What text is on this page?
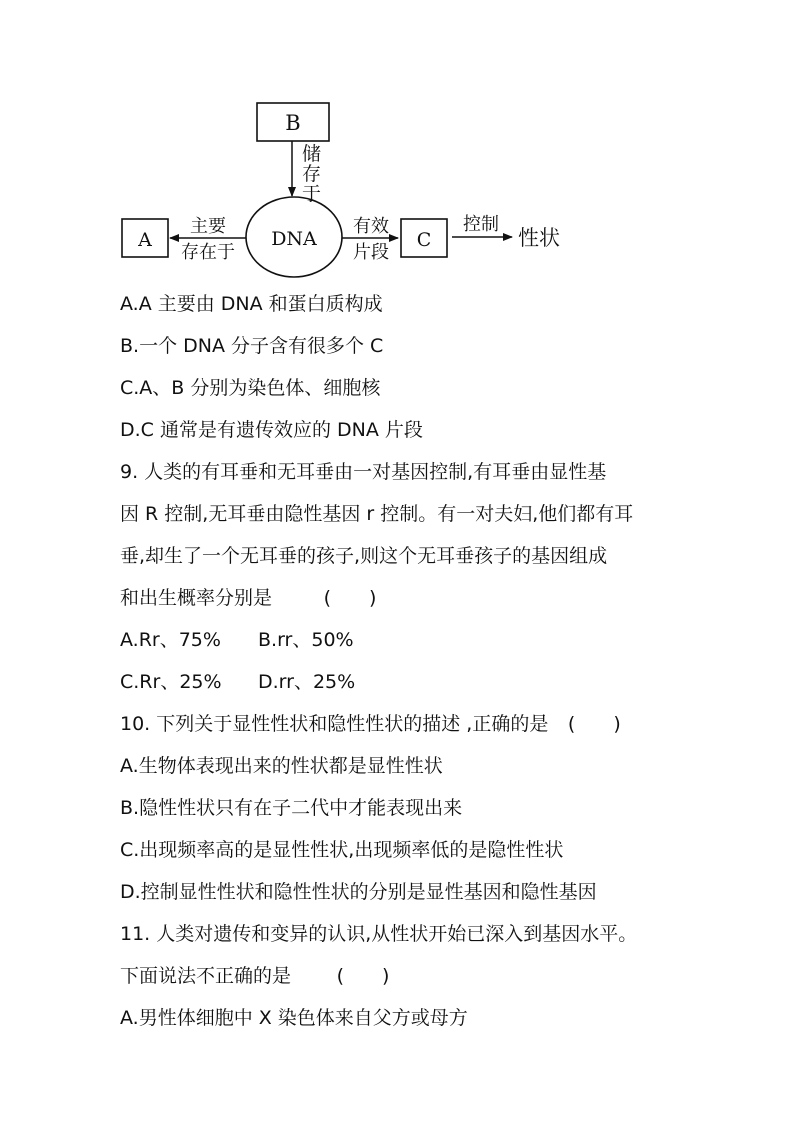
B
储
存
于
DNA
A
主要
存在于
有效
片段
C
控制
性状
A.A 主要由 DNA 和蛋白质构成
B.一个 DNA 分子含有很多个 C
C.A、B 分别为染色体、细胞核
D.C 通常是有遗传效应的 DNA 片段
9. 人类的有耳垂和无耳垂由一对基因控制,有耳垂由显性基
因 R 控制,无耳垂由隐性基因 r 控制。有一对夫妇,他们都有耳
垂,却生了一个无耳垂的孩子,则这个无耳垂孩子的基因组成
和出生概率分别是	(　　)
A.Rr、75% B.rr、50%
C.Rr、25% D.rr、25%
10. 下列关于显性性状和隐性性状的描述 ,正确的是 (　　)
A.生物体表现出来的性状都是显性性状
B.隐性性状只有在子二代中才能表现出来
C.出现频率高的是显性性状,出现频率低的是隐性性状
D.控制显性性状和隐性性状的分别是显性基因和隐性基因
11. 人类对遗传和变异的认识,从性状开始已深入到基因水平。
下面说法不正确的是 (　　)
A.男性体细胞中 X 染色体来自父方或母方
